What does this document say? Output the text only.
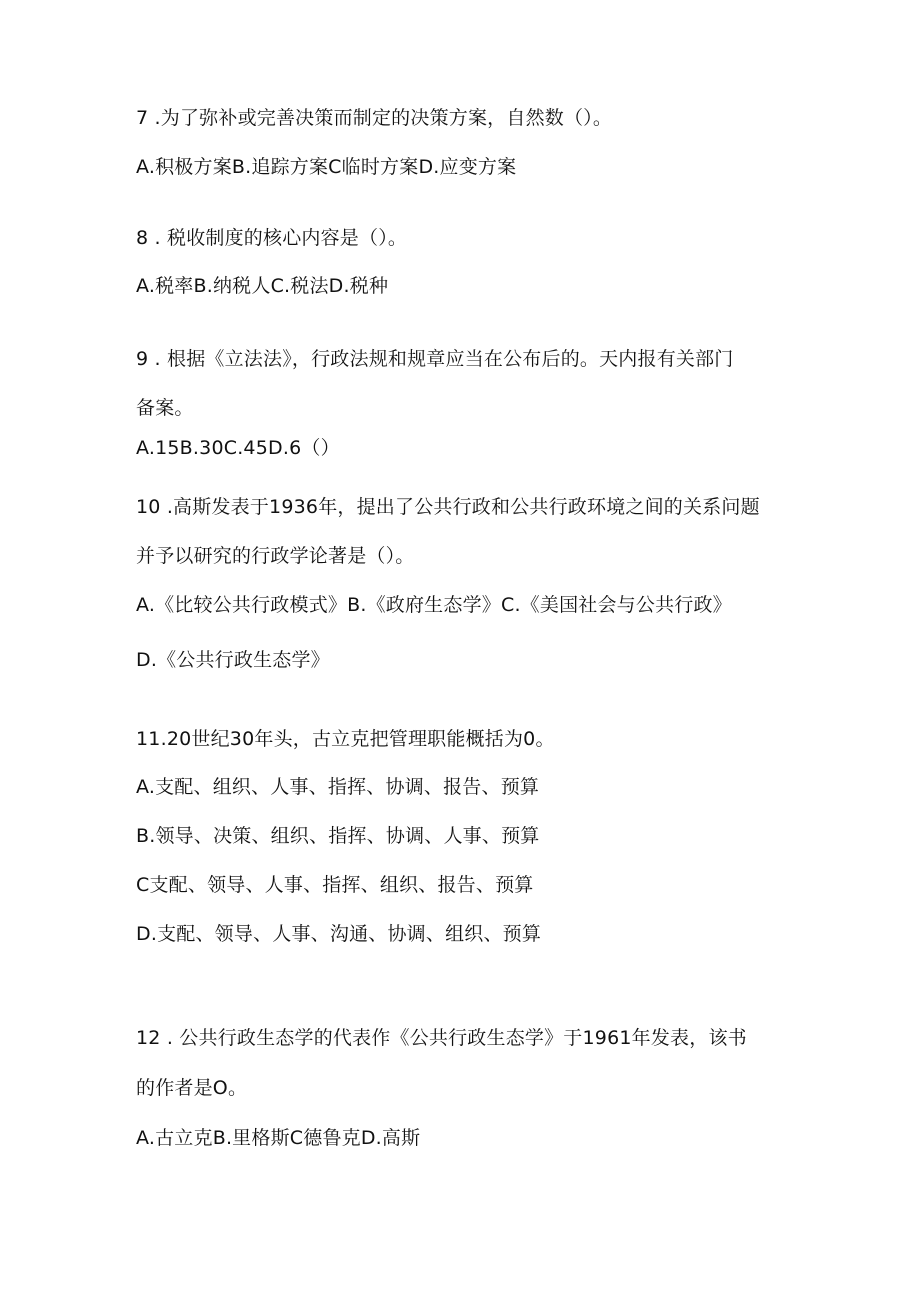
7 .为了弥补或完善决策而制定的决策方案，自然数（）。
A.积极方案B.追踪方案C临时方案D.应变方案
8 . 税收制度的核心内容是（）。
A.税率B.纳税人C.税法D.税种
9 . 根据《立法法》，行政法规和规章应当在公布后的。天内报有关部门
备案。
A.15B.30C.45D.6（）
10 .高斯发表于1936年，提出了公共行政和公共行政环境之间的关系问题
并予以研究的行政学论著是（）。
A.《比较公共行政模式》B.《政府生态学》C.《美国社会与公共行政》
D.《公共行政生态学》
11.20世纪30年头，古立克把管理职能概括为0。
A.支配、组织、人事、指挥、协调、报告、预算
B.领导、决策、组织、指挥、协调、人事、预算
C支配、领导、人事、指挥、组织、报告、预算
D.支配、领导、人事、沟通、协调、组织、预算
12 . 公共行政生态学的代表作《公共行政生态学》于1961年发表，该书
的作者是O。
A.古立克B.里格斯C德鲁克D.高斯
